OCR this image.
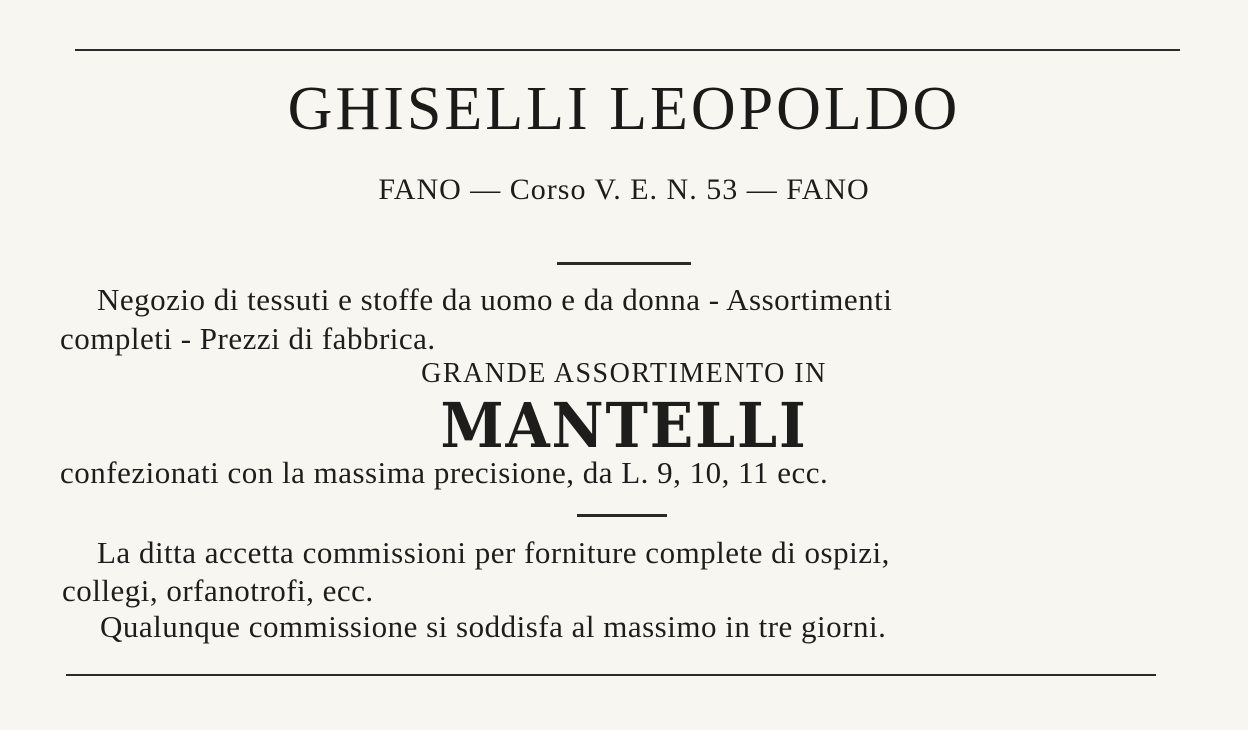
GHISELLI LEOPOLDO
FANO — Corso V. E. N. 53 — FANO
Negozio di tessuti e stoffe da uomo e da donna - Assortimenti
completi - Prezzi di fabbrica.
GRANDE ASSORTIMENTO IN
MANTELLI
confezionati con la massima precisione, da L. 9, 10, 11 ecc.
La ditta accetta commissioni per forniture complete di ospizi,
collegi, orfanotrofi, ecc.
Qualunque commissione si soddisfa al massimo in tre giorni.
